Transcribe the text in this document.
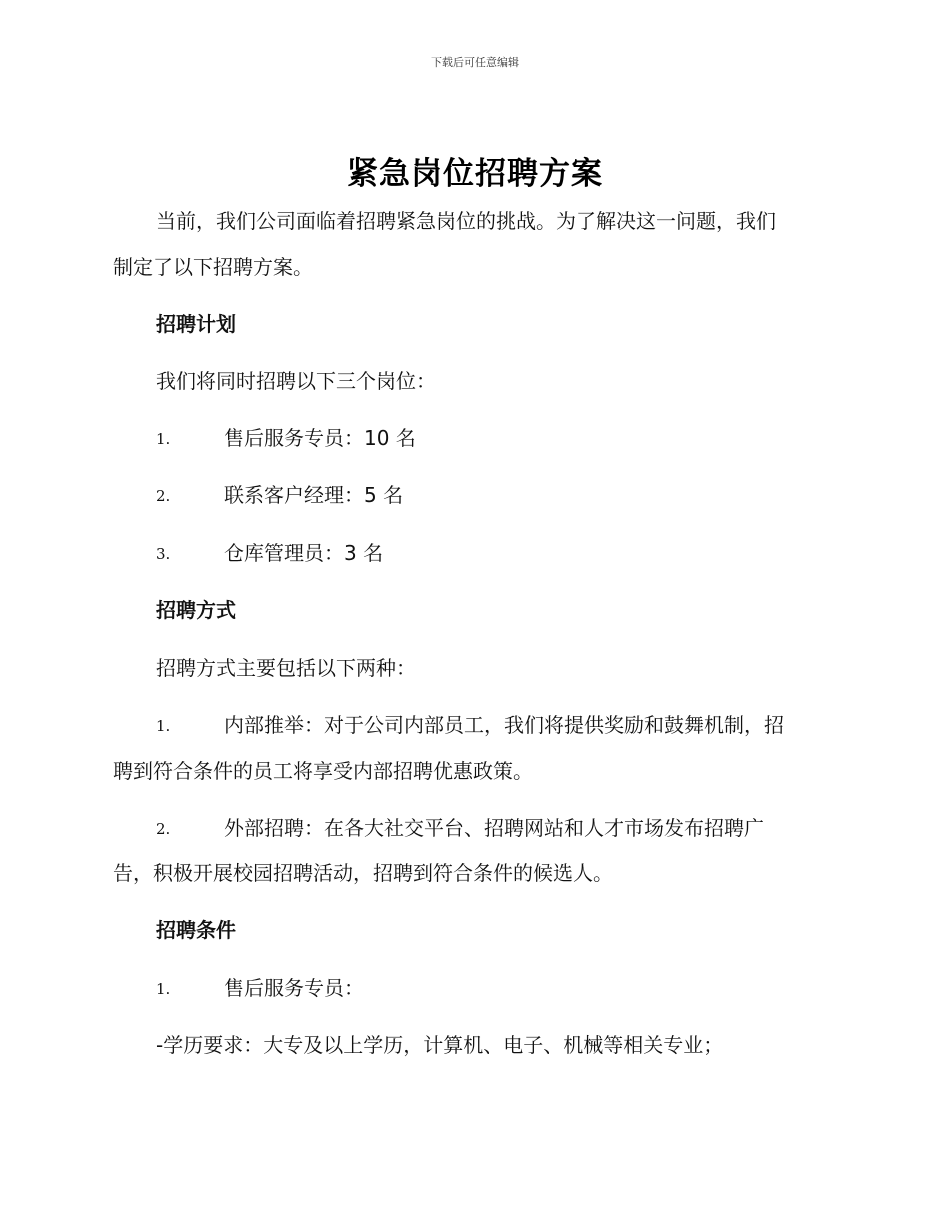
下载后可任意编辑
紧急岗位招聘方案
当前，我们公司面临着招聘紧急岗位的挑战。为了解决这一问题，我们
制定了以下招聘方案。
招聘计划
我们将同时招聘以下三个岗位：
1.	售后服务专员：10 名
2.	联系客户经理：5 名
3.	仓库管理员：3 名
招聘方式
招聘方式主要包括以下两种：
1.	内部推举：对于公司内部员工，我们将提供奖励和鼓舞机制，招
聘到符合条件的员工将享受内部招聘优惠政策。
2.	外部招聘：在各大社交平台、招聘网站和人才市场发布招聘广
告，积极开展校园招聘活动，招聘到符合条件的候选人。
招聘条件
1.	售后服务专员：
-学历要求：大专及以上学历，计算机、电子、机械等相关专业；
